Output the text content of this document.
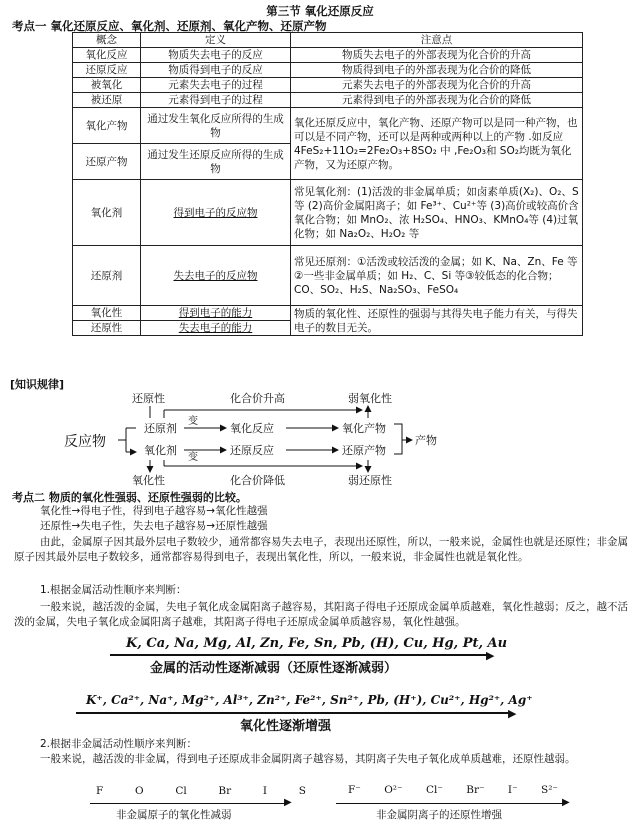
第三节 氧化还原反应
考点一 氧化还原反应、氧化剂、还原剂、氧化产物、还原产物
概念	定义	注意点
氧化反应	物质失去电子的反应	物质失去电子的外部表现为化合价的升高
还原反应	物质得到电子的反应	物质得到电子的外部表现为化合价的降低
被氧化	元素失去电子的过程	元素失去电子的外部表现为化合价的升高
被还原	元素得到电子的过程	元素得到电子的外部表现为化合价的降低
氧化产物	通过发生氧化反应所得的生成物	氧化还原反应中，氧化产物、还原产物可以是同一种产物，也可以是不同产物，还可以是两种或两种以上的产物 .如反应 4FeS₂+11O₂=2Fe₂O₃+8SO₂ 中 ,Fe₂O₃和 SO₂均既为氧化产物，又为还原产物。
还原产物	通过发生还原反应所得的生成物	
氧化剂	得到电子的反应物	常见氧化剂：(1)活泼的非金属单质；如卤素单质(X₂)、O₂、S 等 (2)高价金属阳离子；如 Fe³⁺、Cu²⁺等 (3)高价或较高价含氧化合物；如 MnO₂、浓 H₂SO₄、HNO₃、KMnO₄等 (4)过氧化物；如 Na₂O₂、H₂O₂ 等
还原剂	失去电子的反应物	常见还原剂：①活泼或较活泼的金属；如 K、Na、Zn、Fe 等②一些非金属单质；如 H₂、C、Si 等③较低态的化合物；CO、SO₂、H₂S、Na₂SO₃、FeSO₄
氧化性	得到电子的能力	物质的氧化性、还原性的强弱与其得失电子能力有关，与得失电子的数目无关。
还原性	失去电子的能力	
[知识规律]
还原性	化合价升高	弱氧化性
反应物
还原剂
氧化剂
变
变
氧化反应
还原反应
氧化产物
还原产物
产物
氧化性	化合价降低	弱还原性
考点二 物质的氧化性强弱、还原性强弱的比较。
氧化性→得电子性，得到电子越容易→氧化性越强
还原性→失电子性，失去电子越容易→还原性越强
由此，金属原子因其最外层电子数较少，通常都容易失去电子，表现出还原性，所以，一般来说，金属性也就是还原性；非金属原子因其最外层电子数较多，通常都容易得到电子，表现出氧化性，所以，一般来说，非金属性也就是氧化性。
1.根据金属活动性顺序来判断：
一般来说，越活泼的金属，失电子氧化成金属阳离子越容易，其阳离子得电子还原成金属单质越难，氧化性越弱；反之，越不活泼的金属，失电子氧化成金属阳离子越难，其阳离子得电子还原成金属单质越容易，氧化性越强。
K, Ca, Na, Mg, Al, Zn, Fe, Sn, Pb, (H), Cu, Hg, Pt, Au
▶
金属的活动性逐渐减弱（还原性逐渐减弱）
K⁺, Ca²⁺, Na⁺, Mg²⁺, Al³⁺, Zn²⁺, Fe²⁺, Sn²⁺, Pb, (H⁺), Cu²⁺, Hg²⁺, Ag⁺
▶
氧化性逐渐增强
2.根据非金属活动性顺序来判断：
一般来说，越活泼的非金属，得到电子还原成非金属阴离子越容易，其阴离子失电子氧化成单质越难，还原性越弱。
F	O	Cl	Br	I	S
▶
非金属原子的氧化性减弱
F⁻ O²⁻ Cl⁻ Br⁻ I⁻ S²⁻
▶
非金属阴离子的还原性增强
